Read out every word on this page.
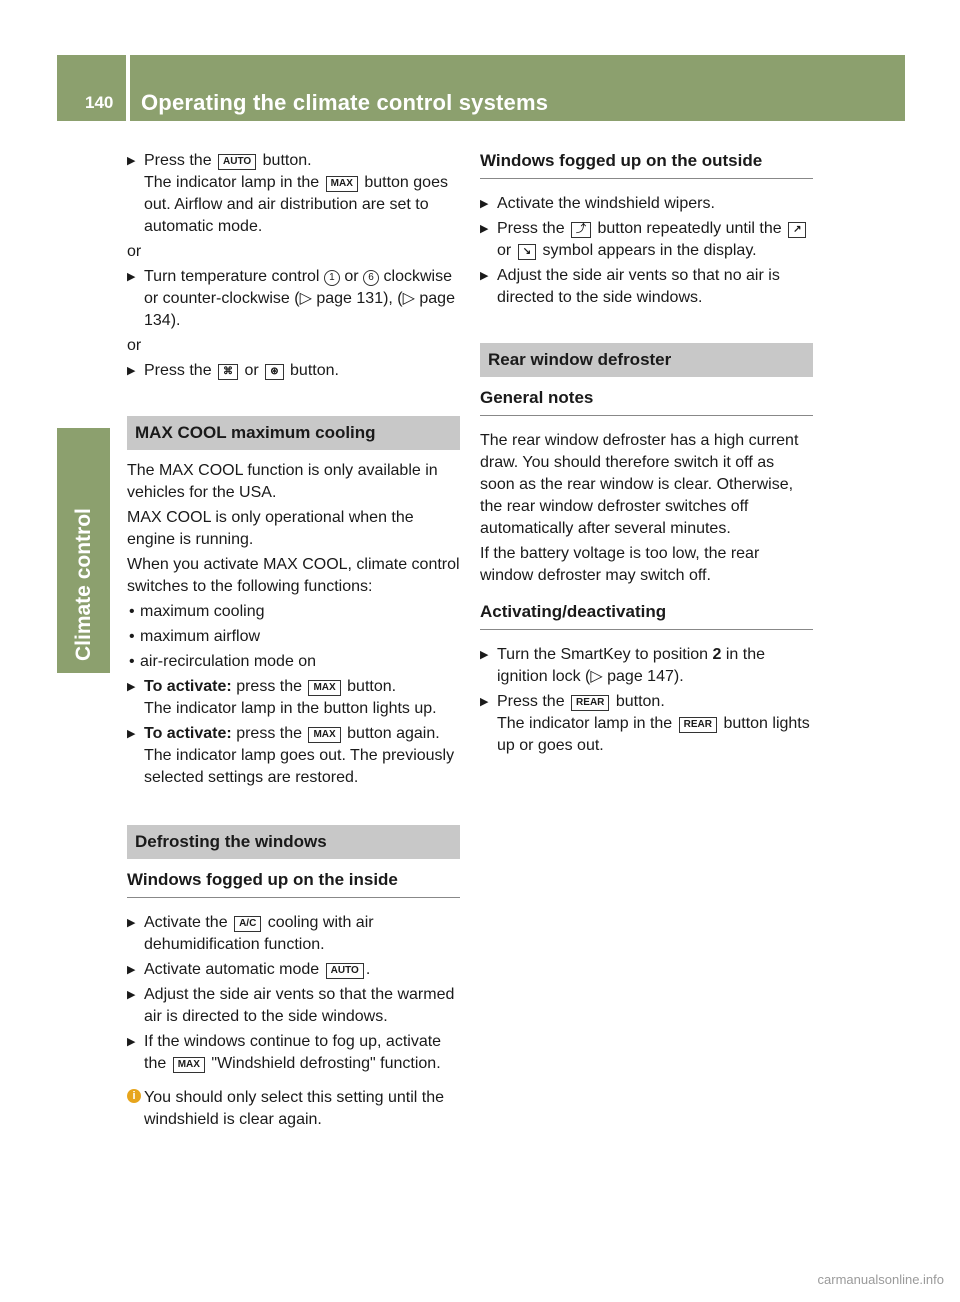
140 Operating the climate control systems
Climate control
▶ Press the AUTO button.
The indicator lamp in the MAX button goes out. Airflow and air distribution are set to automatic mode.

or

▶ Turn temperature control 1 or 6 clockwise or counter-clockwise (▷ page 131), (▷ page 134).

or

▶ Press the ⌘ or ⊛ button.
MAX COOL maximum cooling

The MAX COOL function is only available in vehicles for the USA.

MAX COOL is only operational when the engine is running.

When you activate MAX COOL, climate control switches to the following functions:

• maximum cooling
• maximum airflow
• air-recirculation mode on
▶ To activate: press the MAX button.
The indicator lamp in the button lights up.
▶ To activate: press the MAX button again.
The indicator lamp goes out. The previously selected settings are restored.
Defrosting the windows
Windows fogged up on the inside
▶ Activate the A/C cooling with air dehumidification function.
▶ Activate automatic mode AUTO .
▶ Adjust the side air vents so that the warmed air is directed to the side windows.
▶ If the windows continue to fog up, activate the MAX "Windshield defrosting" function.
i You should only select this setting until the windshield is clear again.
Windows fogged up on the outside
▶ Activate the windshield wipers.
▶ Press the ⤴ button repeatedly until the ↗ or ↘ symbol appears in the display.
▶ Adjust the side air vents so that no air is directed to the side windows.
Rear window defroster
General notes

The rear window defroster has a high current draw. You should therefore switch it off as soon as the rear window is clear. Otherwise, the rear window defroster switches off automatically after several minutes.

If the battery voltage is too low, the rear window defroster may switch off.

Activating/deactivating
▶ Turn the SmartKey to position 2 in the ignition lock (▷ page 147).
▶ Press the REAR button.
The indicator lamp in the REAR button lights up or goes out.
carmanualsonline.info
